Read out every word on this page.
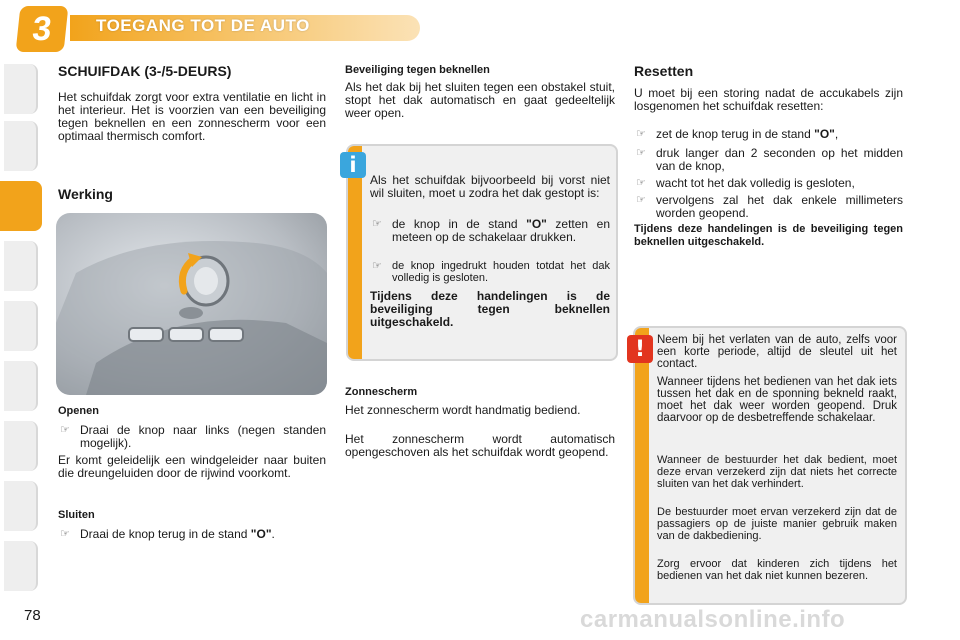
3	TOEGANG TOT DE AUTO
SCHUIFDAK (3-/5-DEURS)

Het schuifdak zorgt voor extra ventilatie en licht in het interieur. Het is voorzien van een beveiliging tegen beknellen en een zonnescherm voor een optimaal thermisch comfort.

Werking
Openen
☞ Draai de knop naar links (negen standen mogelijk).

Er komt geleidelijk een windgeleider naar buiten die dreungeluiden door de rijwind voorkomt.

Sluiten
☞ Draai de knop terug in de stand "O".
Beveiliging tegen beknellen

Als het dak bij het sluiten tegen een obstakel stuit, stopt het dak automatisch en gaat gedeeltelijk weer open.

Als het schuifdak bijvoorbeeld bij vorst niet wil sluiten, moet u zodra het dak gestopt is:

☞ de knop in de stand "O" zetten en meteen op de schakelaar drukken.
☞ de knop ingedrukt houden totdat het dak volledig is gesloten.

Tijdens deze handelingen is de beveiliging tegen beknellen uitgeschakeld.

i
Zonnescherm

Het zonnescherm wordt handmatig bediend.

Het zonnescherm wordt automatisch opengeschoven als het schuifdak wordt geopend.

Resetten

U moet bij een storing nadat de accukabels zijn losgenomen het schuifdak resetten:

☞ zet de knop terug in de stand "O",
☞ druk langer dan 2 seconden op het midden van de knop,
☞ wacht tot het dak volledig is gesloten,
☞ vervolgens zal het dak enkele millimeters worden geopend.

Tijdens deze handelingen is de beveiliging tegen beknellen uitgeschakeld.

Neem bij het verlaten van de auto, zelfs voor een korte periode, altijd de sleutel uit het contact.

Wanneer tijdens het bedienen van het dak iets tussen het dak en de sponning bekneld raakt, moet het dak weer worden geopend. Druk daarvoor op de desbetreffende schakelaar.

Wanneer de bestuurder het dak bedient, moet deze ervan verzekerd zijn dat niets het correcte sluiten van het dak verhindert.

De bestuurder moet ervan verzekerd zijn dat de passagiers op de juiste manier gebruik maken van de dakbediening.

Zorg ervoor dat kinderen zich tijdens het bedienen van het dak niet kunnen bezeren.

!
78	carmanualsonline.info
